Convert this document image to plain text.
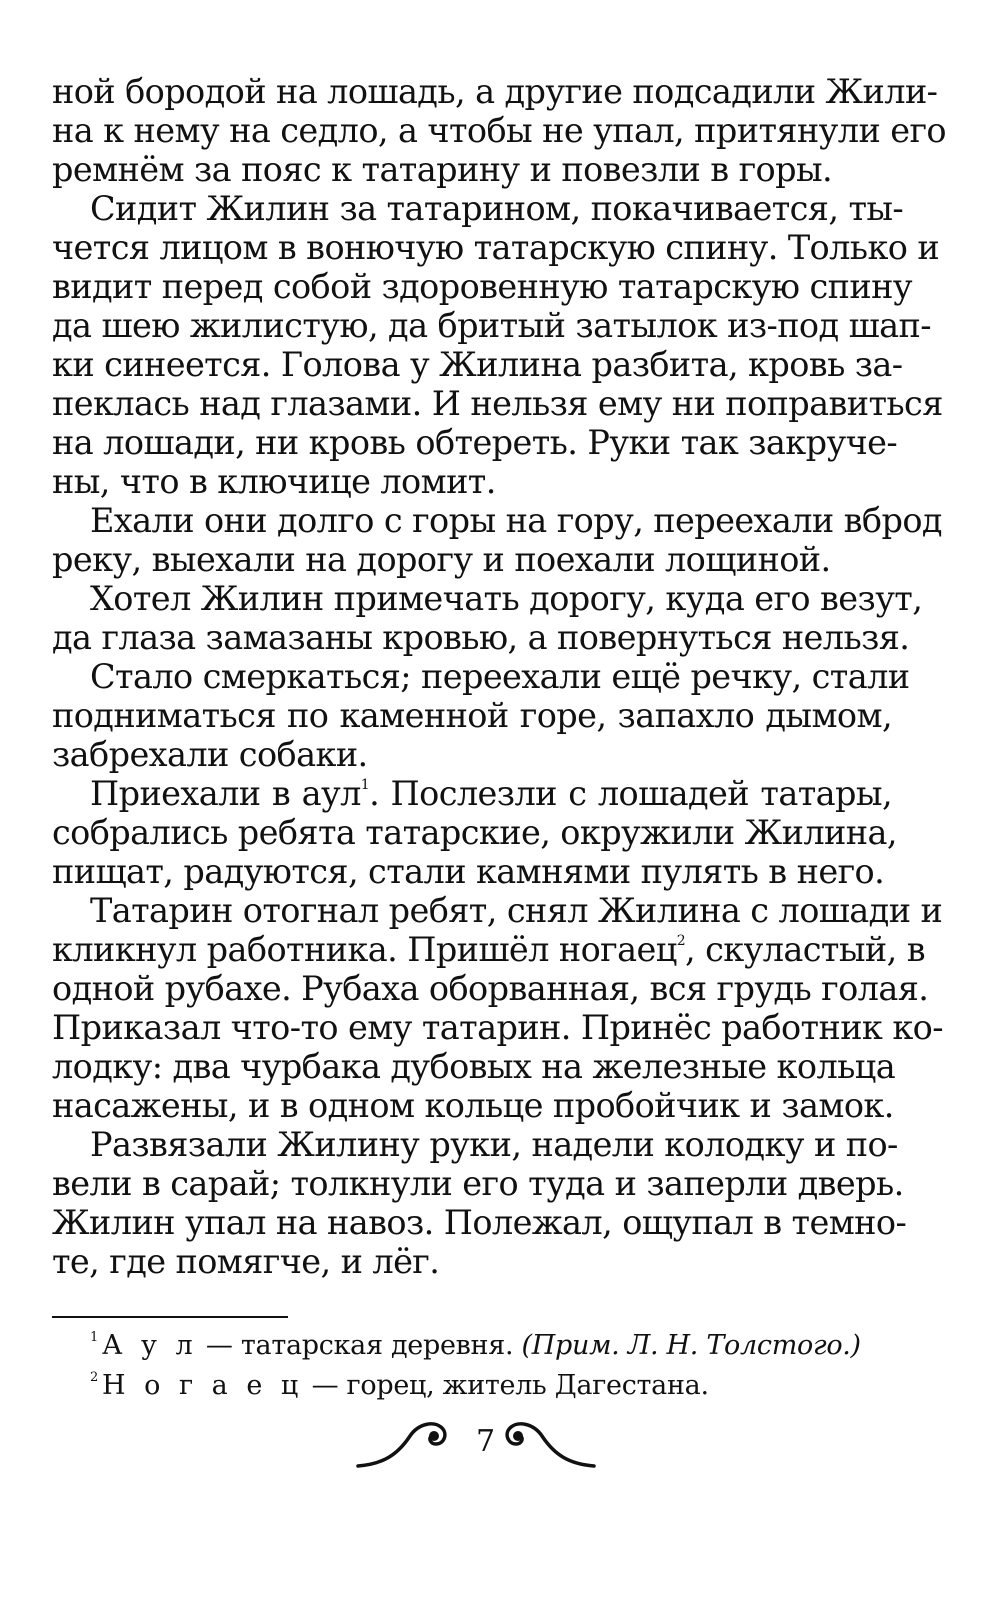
ной бородой на лошадь, а другие подсадили Жили-
на к нему на седло, а чтобы не упал, притянули его
ремнём за пояс к татарину и повезли в горы.
Сидит Жилин за татарином, покачивается, ты-
чется лицом в вонючую татарскую спину. Только и
видит перед собой здоровенную татарскую спину
да шею жилистую, да бритый затылок из-под шап-
ки синеется. Голова у Жилина разбита, кровь за-
пеклась над глазами. И нельзя ему ни поправиться
на лошади, ни кровь обтереть. Руки так закруче-
ны, что в ключице ломит.
Ехали они долго с горы на гору, переехали вброд
реку, выехали на дорогу и поехали лощиной.
Хотел Жилин примечать дорогу, куда его везут,
да глаза замазаны кровью, а повернуться нельзя.
Стало смеркаться; переехали ещё речку, стали
подниматься по каменной горе, запахло дымом,
забрехали собаки.
Приехали в аул$^1$. Послезли с лошадей татары,
собрались ребята татарские, окружили Жилина,
пищат, радуются, стали камнями пулять в него.
Татарин отогнал ребят, снял Жилина с лошади и
кликнул работника. Пришёл ногаец$^2$, скуластый, в
одной рубахе. Рубаха оборванная, вся грудь голая.
Приказал что-то ему татарин. Принёс работник ко-
лодку: два чурбака дубовых на железные кольца
насажены, и в одном кольце пробойчик и замок.
Развязали Жилину руки, надели колодку и по-
вели в сарай; толкнули его туда и заперли дверь.
Жилин упал на навоз. Полежал, ощупал в темно-
те, где помягче, и лёг.
$^1$ А у л — татарская деревня. (Прим. Л. Н. Толстого.)
$^2$ Н о г а е ц — горец, житель Дагестана.
7
